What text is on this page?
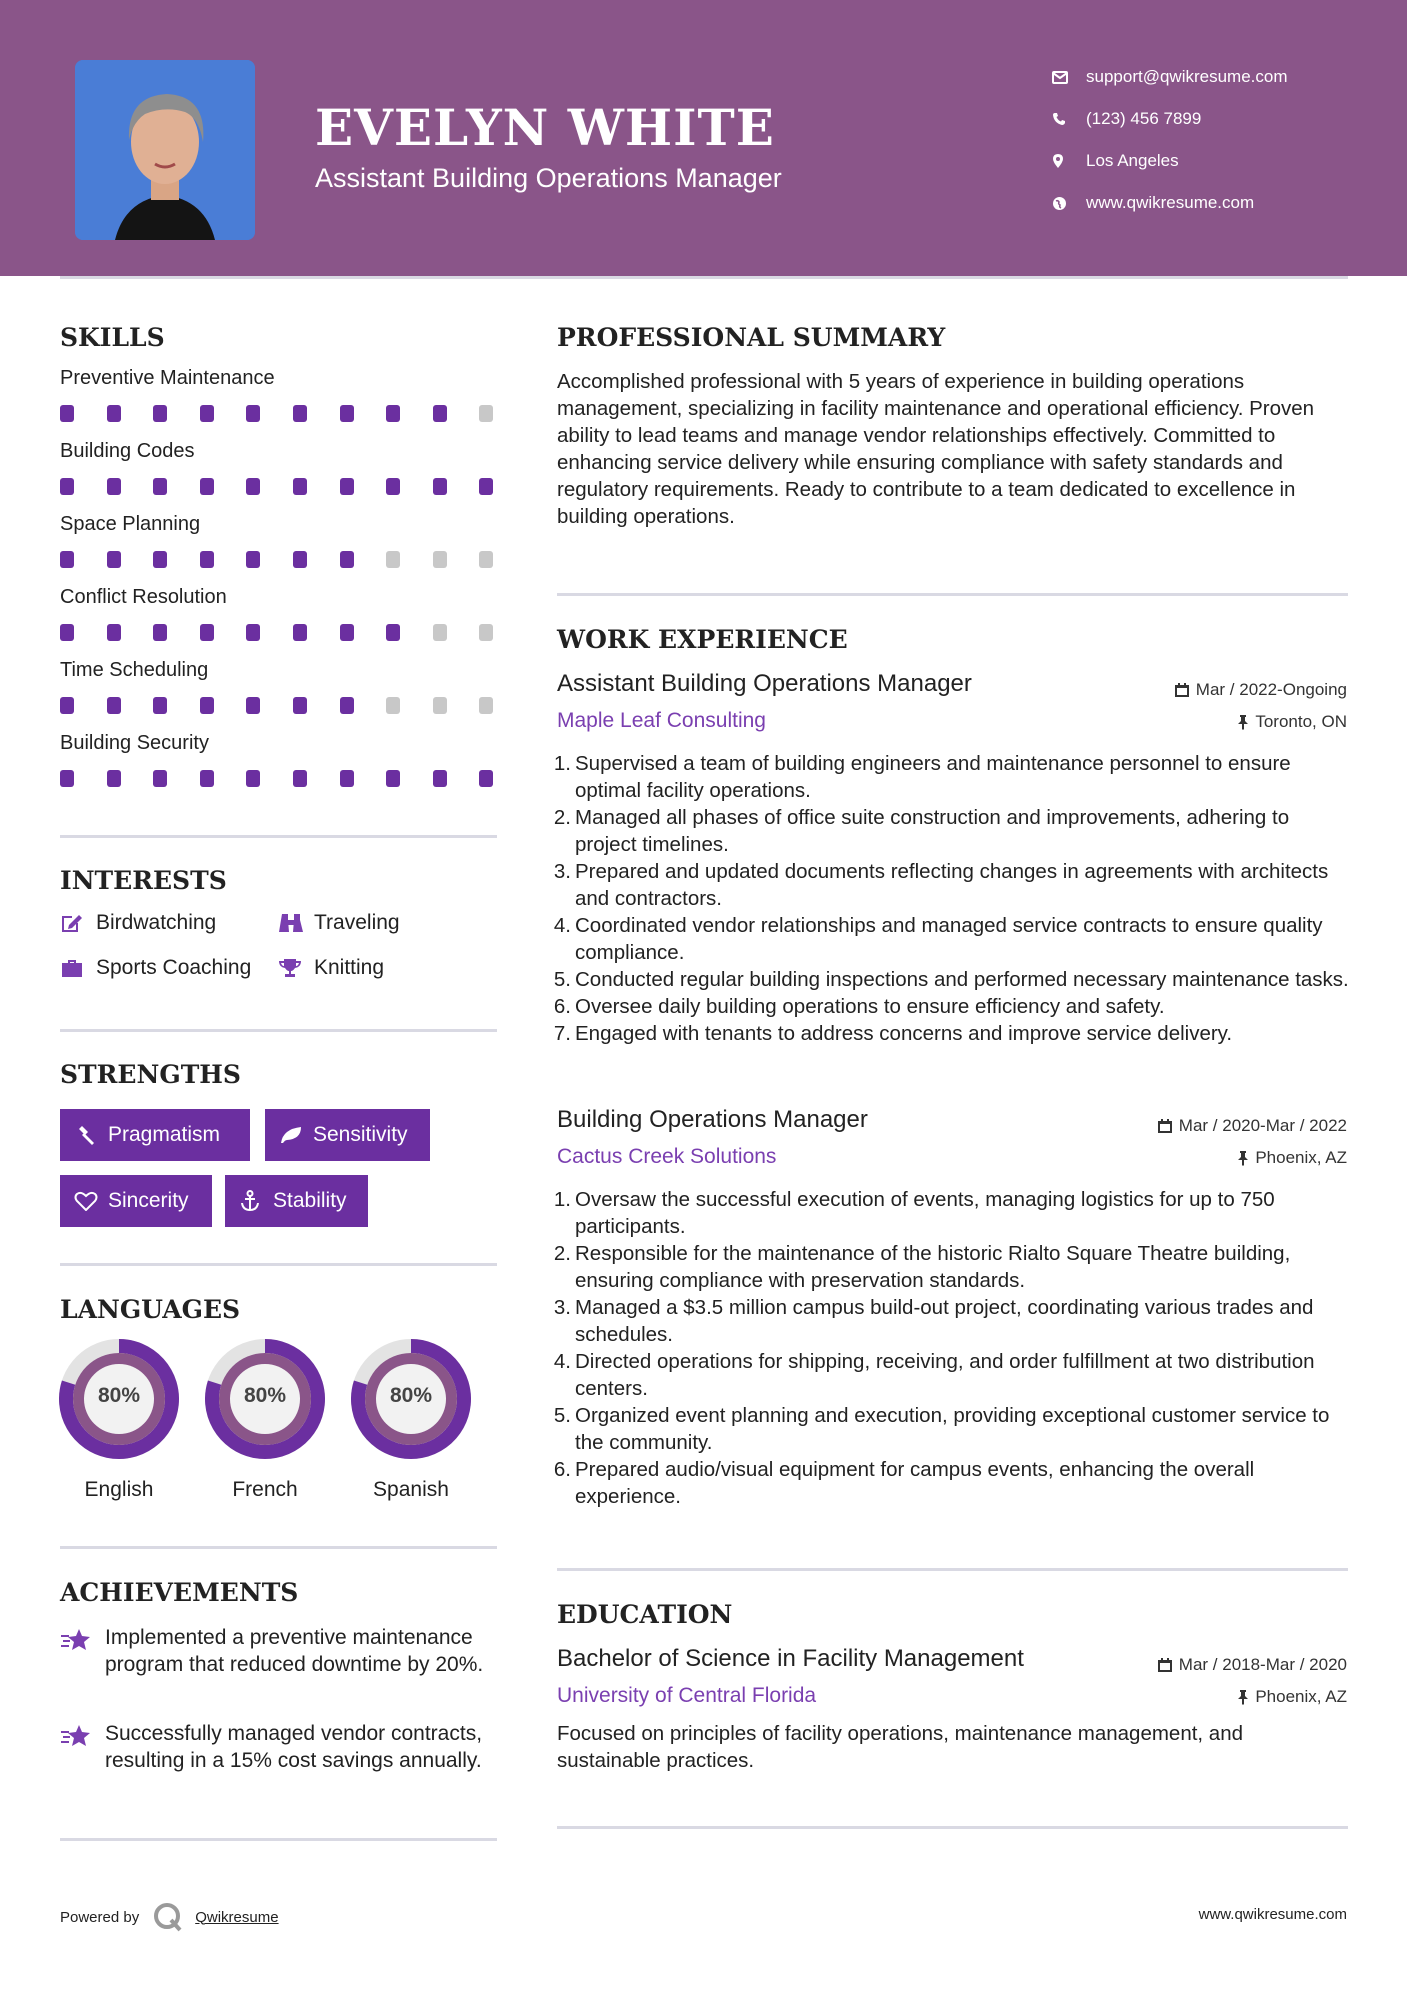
EVELYN WHITE
Assistant Building Operations Manager
support@qwikresume.com
(123) 456 7899
Los Angeles
www.qwikresume.com
SKILLS
Preventive Maintenance
Building Codes
Space Planning
Conflict Resolution
Time Scheduling
Building Security
INTERESTS
Birdwatching	Traveling
Sports Coaching	Knitting
STRENGTHS
Pragmatism	Sensitivity
Sincerity	Stability
LANGUAGES
80%
English
80%
French
80%
Spanish
ACHIEVEMENTS
Implemented a preventive maintenance program that reduced downtime by 20%.
Successfully managed vendor contracts, resulting in a 15% cost savings annually.
PROFESSIONAL SUMMARY
Accomplished professional with 5 years of experience in building operations management, specializing in facility maintenance and operational efficiency. Proven ability to lead teams and manage vendor relationships effectively. Committed to enhancing service delivery while ensuring compliance with safety standards and regulatory requirements. Ready to contribute to a team dedicated to excellence in building operations.
WORK EXPERIENCE
Assistant Building Operations Manager	Mar / 2022-Ongoing
Maple Leaf Consulting	Toronto, ON
1. Supervised a team of building engineers and maintenance personnel to ensure optimal facility operations.
2. Managed all phases of office suite construction and improvements, adhering to project timelines.
3. Prepared and updated documents reflecting changes in agreements with architects and contractors.
4. Coordinated vendor relationships and managed service contracts to ensure quality compliance.
5. Conducted regular building inspections and performed necessary maintenance tasks.
6. Oversee daily building operations to ensure efficiency and safety.
7. Engaged with tenants to address concerns and improve service delivery.
Building Operations Manager	Mar / 2020-Mar / 2022
Cactus Creek Solutions	Phoenix, AZ
1. Oversaw the successful execution of events, managing logistics for up to 750 participants.
2. Responsible for the maintenance of the historic Rialto Square Theatre building, ensuring compliance with preservation standards.
3. Managed a $3.5 million campus build-out project, coordinating various trades and schedules.
4. Directed operations for shipping, receiving, and order fulfillment at two distribution centers.
5. Organized event planning and execution, providing exceptional customer service to the community.
6. Prepared audio/visual equipment for campus events, enhancing the overall experience.
EDUCATION
Bachelor of Science in Facility Management	Mar / 2018-Mar / 2020
University of Central Florida	Phoenix, AZ
Focused on principles of facility operations, maintenance management, and sustainable practices.
Powered by	Qwikresume	www.qwikresume.com
